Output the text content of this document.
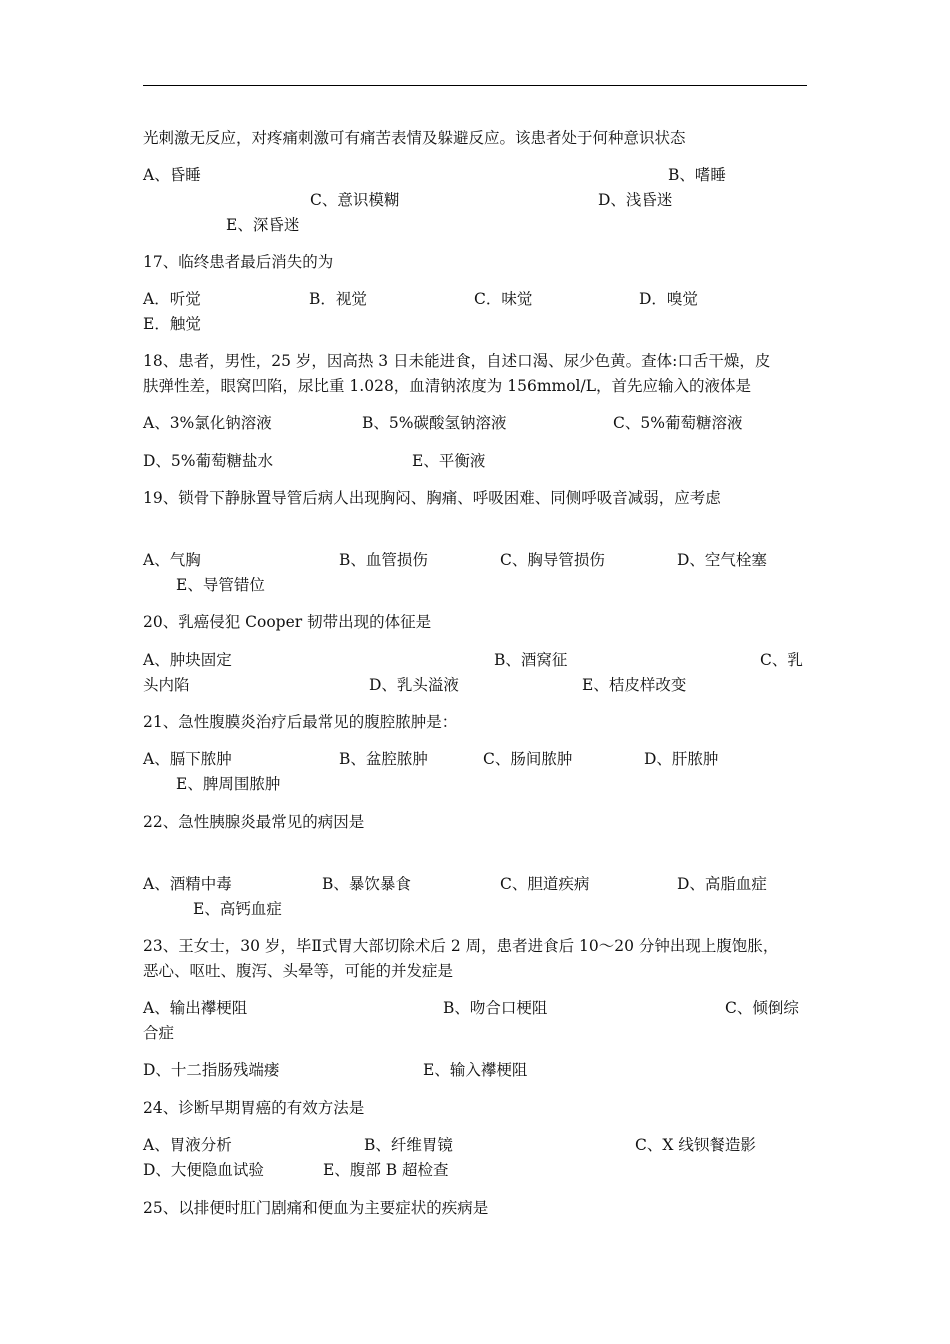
光刺激无反应，对疼痛刺激可有痛苦表情及躲避反应。该患者处于何种意识状态
A、昏睡	B、嗜睡
C、意识模糊	D、浅昏迷
E、深昏迷
17、临终患者最后消失的为
A．听觉	B．视觉	C．味觉	D．嗅觉
E．触觉
18、患者，男性，25 岁，因高热 3 日未能进食，自述口渴、尿少色黄。查体:口舌干燥，皮
肤弹性差，眼窝凹陷，尿比重 1.028，血清钠浓度为 156mmol/L，首先应输入的液体是
A、3%氯化钠溶液	B、5%碳酸氢钠溶液	C、5%葡萄糖溶液
D、5%葡萄糖盐水	E、平衡液
19、锁骨下静脉置导管后病人出现胸闷、胸痛、呼吸困难、同侧呼吸音减弱，应考虑
A、气胸	B、血管损伤	C、胸导管损伤	D、空气栓塞
E、导管错位
20、乳癌侵犯 Cooper 韧带出现的体征是
A、肿块固定	B、酒窝征	C、乳
头内陷	D、乳头溢液	E、桔皮样改变
21、急性腹膜炎治疗后最常见的腹腔脓肿是：
A、膈下脓肿	B、盆腔脓肿	C、肠间脓肿	D、肝脓肿
E、脾周围脓肿
22、急性胰腺炎最常见的病因是
A、酒精中毒	B、暴饮暴食	C、胆道疾病	D、高脂血症
E、高钙血症
23、王女士，30 岁，毕Ⅱ式胃大部切除术后 2 周，患者进食后 10～20 分钟出现上腹饱胀，
恶心、呕吐、腹泻、头晕等，可能的并发症是
A、输出襻梗阻	B、吻合口梗阻	C、倾倒综
合症
D、十二指肠残端瘘	E、输入襻梗阻
24、诊断早期胃癌的有效方法是
A、胃液分析	B、纤维胃镜	C、X 线钡餐造影
D、大便隐血试验	E、腹部 B 超检查
25、以排便时肛门剧痛和便血为主要症状的疾病是
